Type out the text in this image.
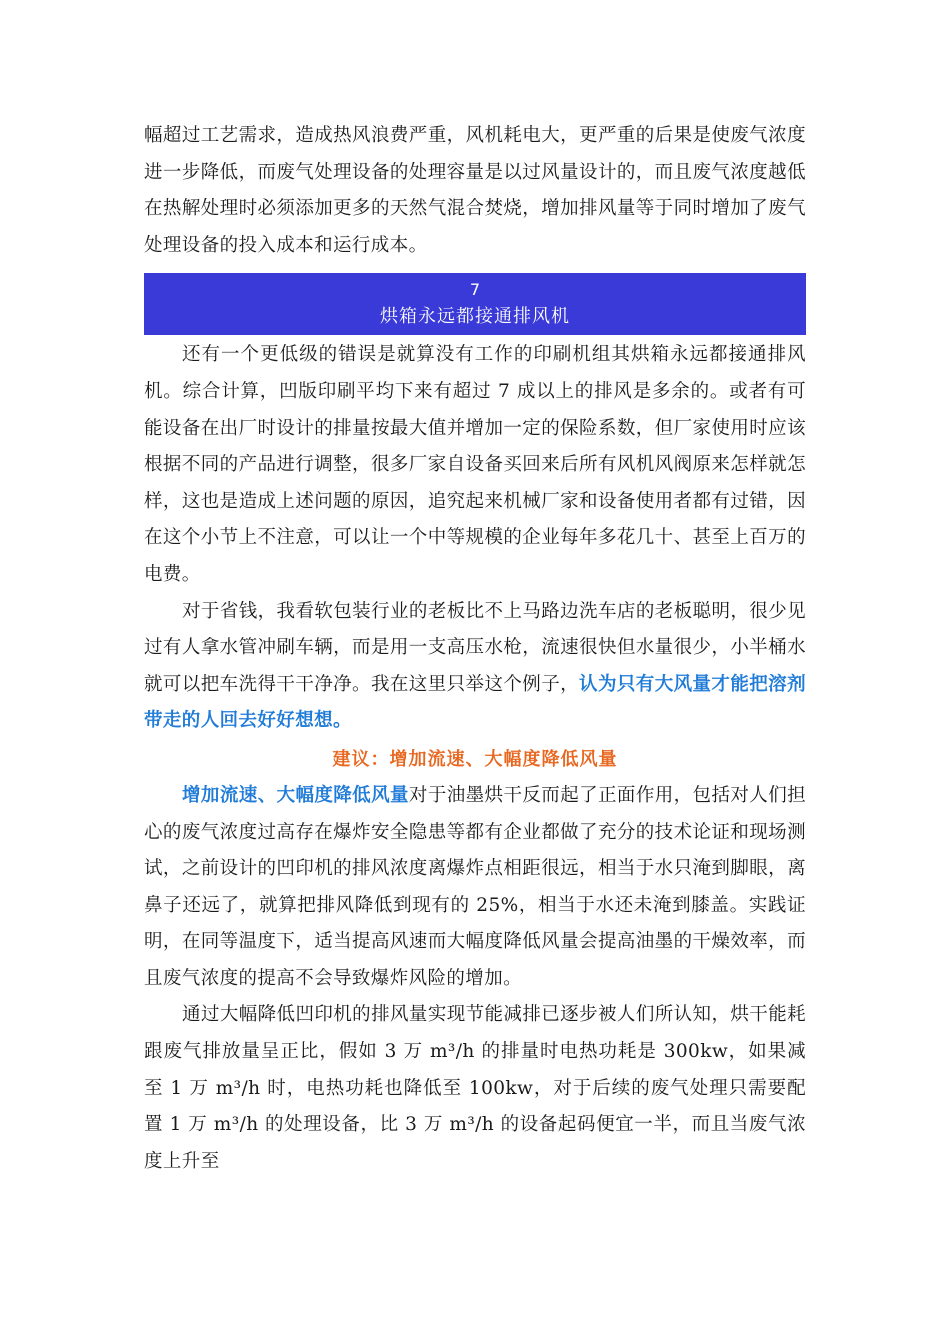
幅超过工艺需求，造成热风浪费严重，风机耗电大，更严重的后果是使废气浓度进一步降低，而废气处理设备的处理容量是以过风量设计的，而且废气浓度越低在热解处理时必须添加更多的天然气混合焚烧，增加排风量等于同时增加了废气处理设备的投入成本和运行成本。

7
烘箱永远都接通排风机

还有一个更低级的错误是就算没有工作的印刷机组其烘箱永远都接通排风机。综合计算，凹版印刷平均下来有超过 7 成以上的排风是多余的。或者有可能设备在出厂时设计的排量按最大值并增加一定的保险系数，但厂家使用时应该根据不同的产品进行调整，很多厂家自设备买回来后所有风机风阀原来怎样就怎样，这也是造成上述问题的原因，追究起来机械厂家和设备使用者都有过错，因在这个小节上不注意，可以让一个中等规模的企业每年多花几十、甚至上百万的电费。

对于省钱，我看软包装行业的老板比不上马路边洗车店的老板聪明，很少见过有人拿水管冲刷车辆，而是用一支高压水枪，流速很快但水量很少，小半桶水就可以把车洗得干干净净。我在这里只举这个例子，认为只有大风量才能把溶剂带走的人回去好好想想。

建议：增加流速、大幅度降低风量

增加流速、大幅度降低风量对于油墨烘干反而起了正面作用，包括对人们担心的废气浓度过高存在爆炸安全隐患等都有企业都做了充分的技术论证和现场测试，之前设计的凹印机的排风浓度离爆炸点相距很远，相当于水只淹到脚眼，离鼻子还远了，就算把排风降低到现有的 25%，相当于水还未淹到膝盖。实践证明，在同等温度下，适当提高风速而大幅度降低风量会提高油墨的干燥效率，而且废气浓度的提高不会导致爆炸风险的增加。

通过大幅降低凹印机的排风量实现节能减排已逐步被人们所认知，烘干能耗跟废气排放量呈正比，假如 3 万 m³/h 的排量时电热功耗是 300kw，如果减至 1 万 m³/h 时，电热功耗也降低至 100kw，对于后续的废气处理只需要配置 1 万 m³/h 的处理设备，比 3 万 m³/h 的设备起码便宜一半，而且当废气浓度上升至
